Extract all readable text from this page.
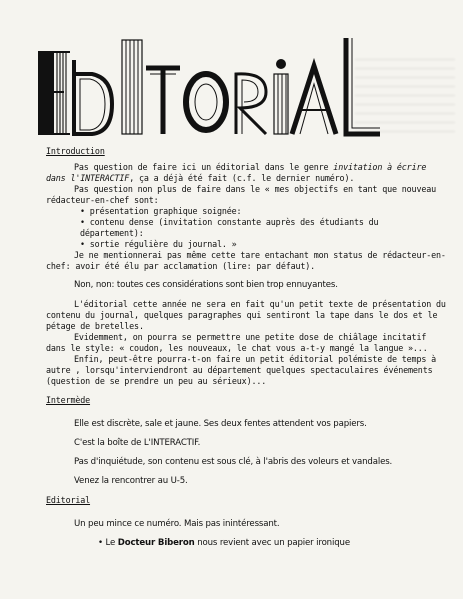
Introduction

Pas question de faire ici un éditorial dans le genre invitation à écrire dans l'INTERACTIF, ça a déjà été fait (c.f. le dernier numéro).

Pas question non plus de faire dans le « mes objectifs en tant que nouveau rédacteur-en-chef sont:

• présentation graphique soignée:
• contenu dense (invitation constante auprès des étudiants du département):
• sortie régulière du journal. »

Je ne mentionnerai pas même cette tare entachant mon status de rédacteur-en-chef: avoir été élu par acclamation (lire: par défaut).

Non, non: toutes ces considérations sont bien trop ennuyantes.

L'éditorial cette année ne sera en fait qu'un petit texte de présentation du contenu du journal, quelques paragraphes qui sentiront la tape dans le dos et le pétage de bretelles.

Evidemment, on pourra se permettre une petite dose de chiâlage incitatif dans le style: « coudon, les nouveaux, le chat vous a-t-y mangé la langue »...

Enfin, peut-être pourra-t-on faire un petit éditorial polémiste de temps à autre , lorsqu'interviendront au département quelques spectaculaires événements (question de se prendre un peu au sérieux)...

Intermède

Elle est discrète, sale et jaune. Ses deux fentes attendent vos papiers.

C'est la boîte de L'INTERACTIF.

Pas d'inquiétude, son contenu est sous clé, à l'abris des voleurs et vandales.

Venez la rencontrer au U-5.

Editorial

Un peu mince ce numéro. Mais pas inintéressant.

• Le Docteur Biberon nous revient avec un papier ironique
